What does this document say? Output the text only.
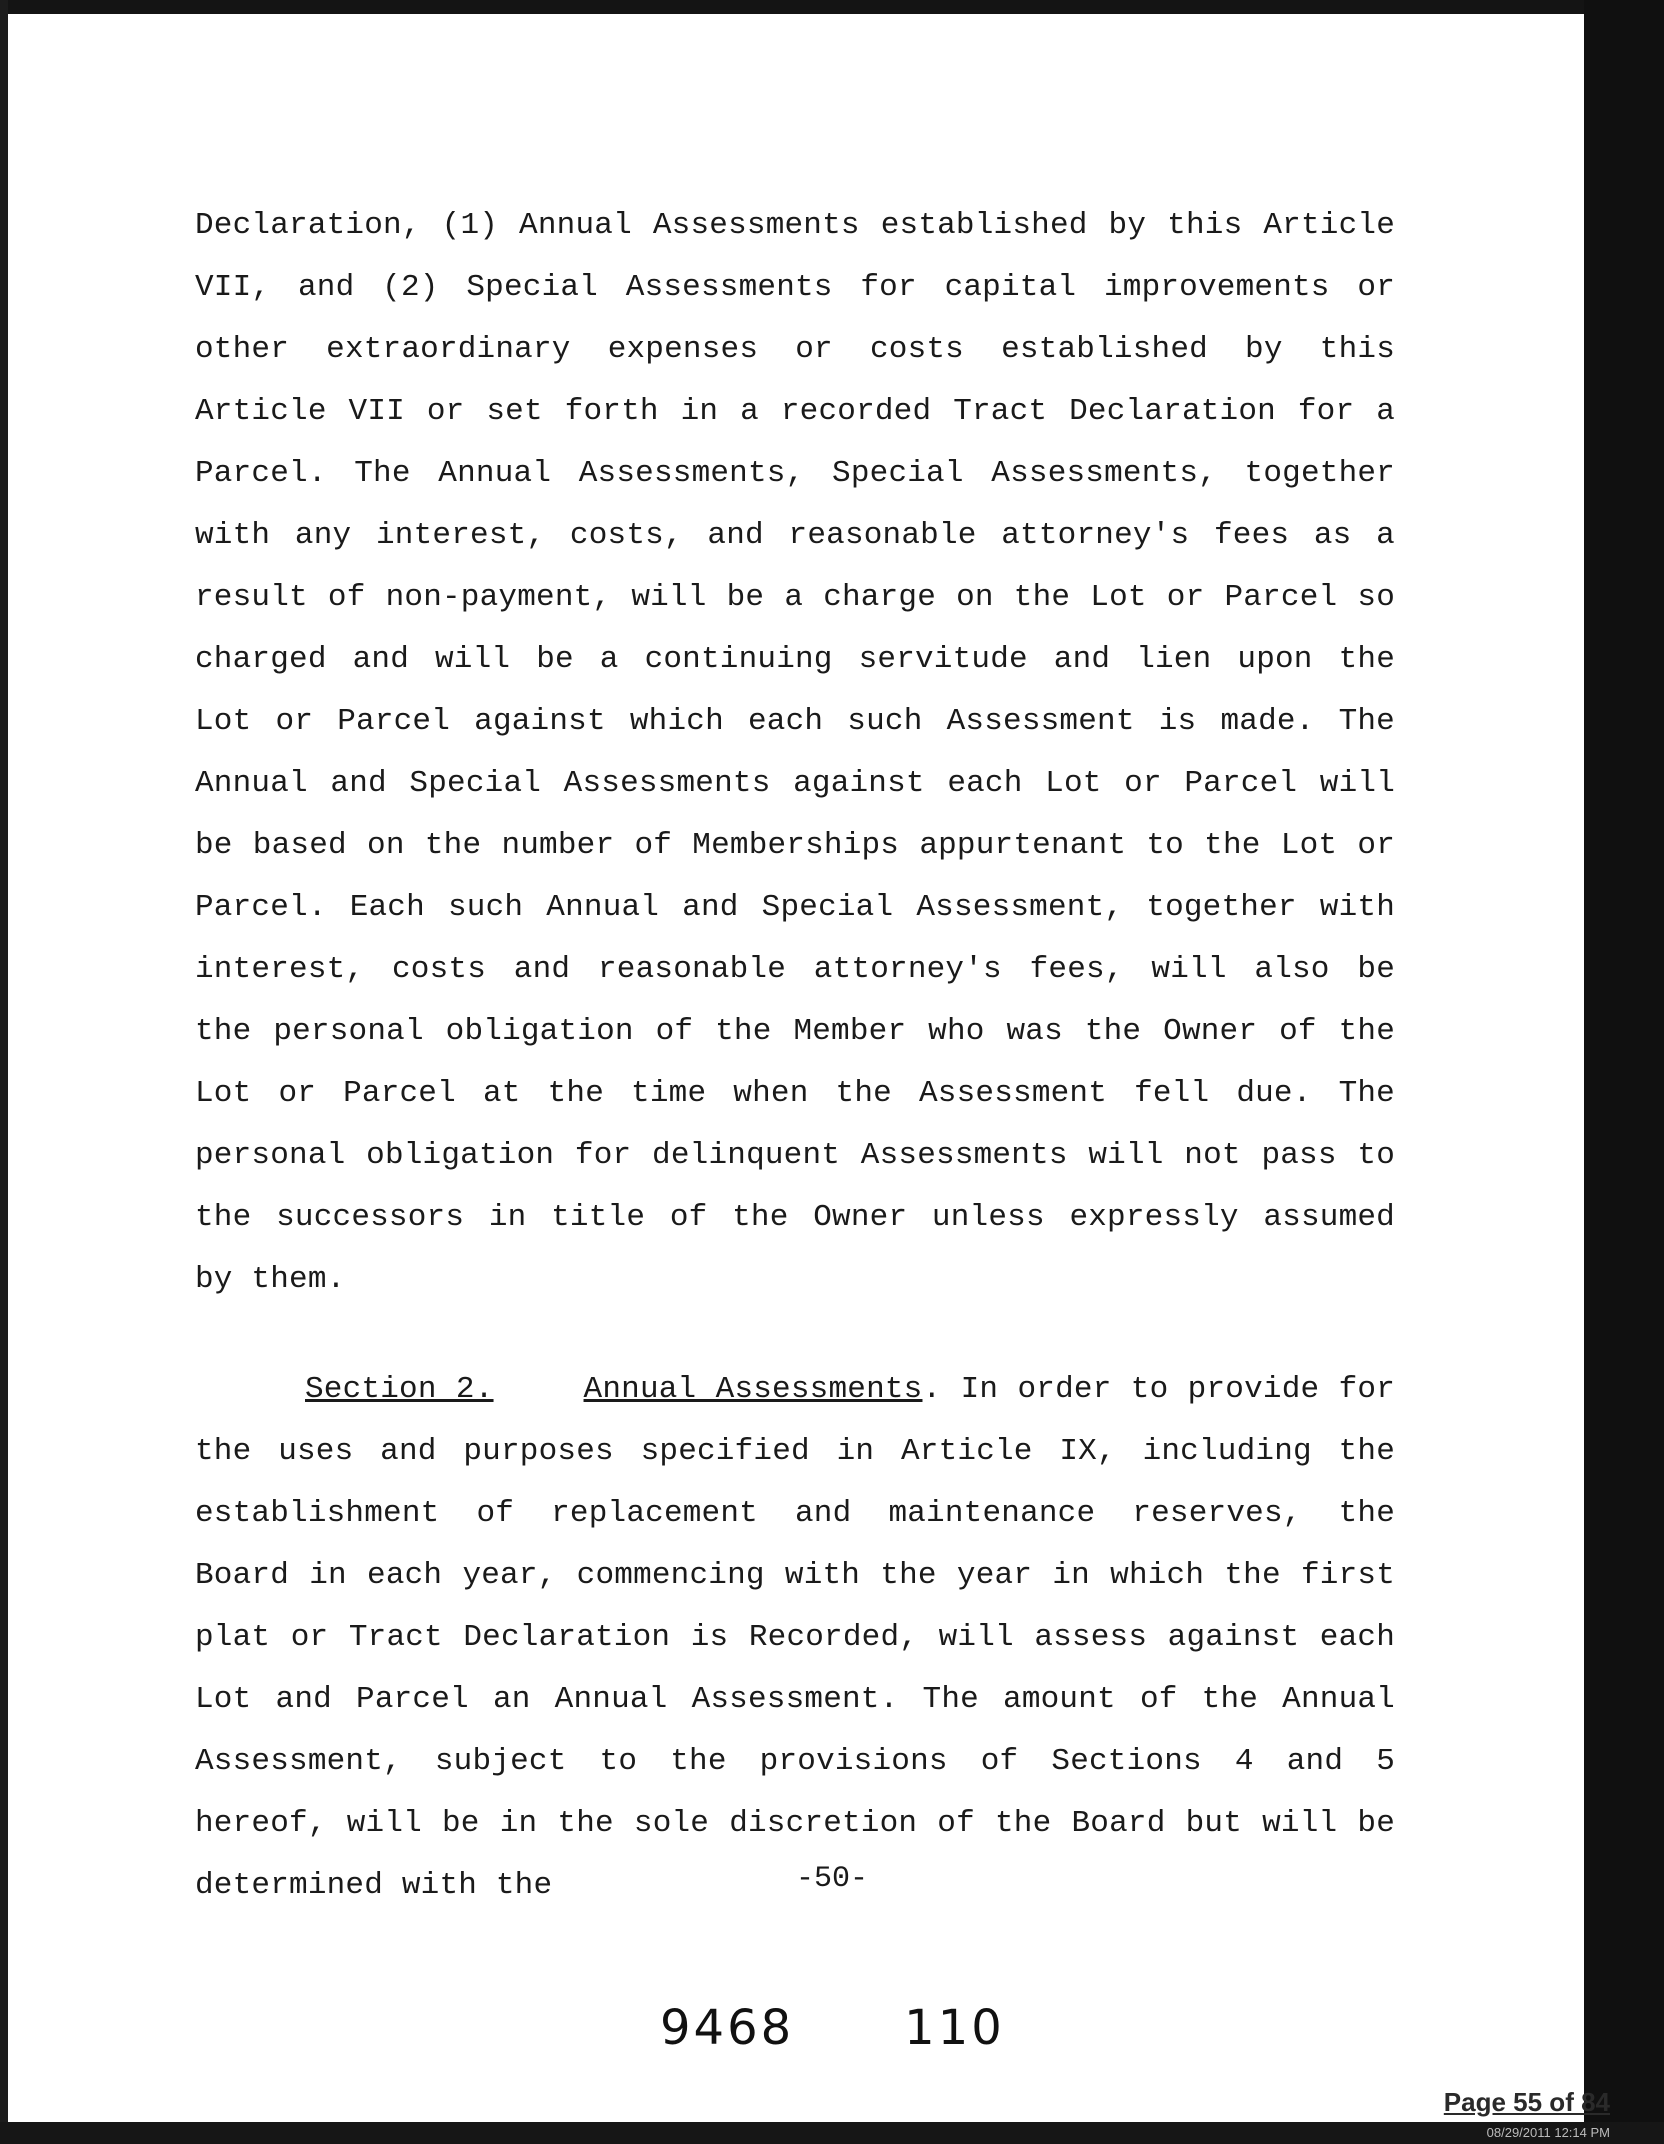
Declaration, (1) Annual Assessments established by this Article VII, and (2) Special Assessments for capital improvements or other extraordinary expenses or costs established by this Article VII or set forth in a recorded Tract Declaration for a Parcel. The Annual Assessments, Special Assessments, together with any interest, costs, and reasonable attorney's fees as a result of non-payment, will be a charge on the Lot or Parcel so charged and will be a continuing servitude and lien upon the Lot or Parcel against which each such Assessment is made. The Annual and Special Assessments against each Lot or Parcel will be based on the number of Memberships appurtenant to the Lot or Parcel. Each such Annual and Special Assessment, together with interest, costs and reasonable attorney's fees, will also be the personal obligation of the Member who was the Owner of the Lot or Parcel at the time when the Assessment fell due. The personal obligation for delinquent Assessments will not pass to the successors in title of the Owner unless expressly assumed by them.

Section 2.	Annual Assessments. In order to provide for the uses and purposes specified in Article IX, including the establishment of replacement and maintenance reserves, the Board in each year, commencing with the year in which the first plat or Tract Declaration is Recorded, will assess against each Lot and Parcel an Annual Assessment. The amount of the Annual Assessment, subject to the provisions of Sections 4 and 5 hereof, will be in the sole discretion of the Board but will be determined with the	-50-
9468 110
Page 55 of 84
08/29/2011 12:14 PM
